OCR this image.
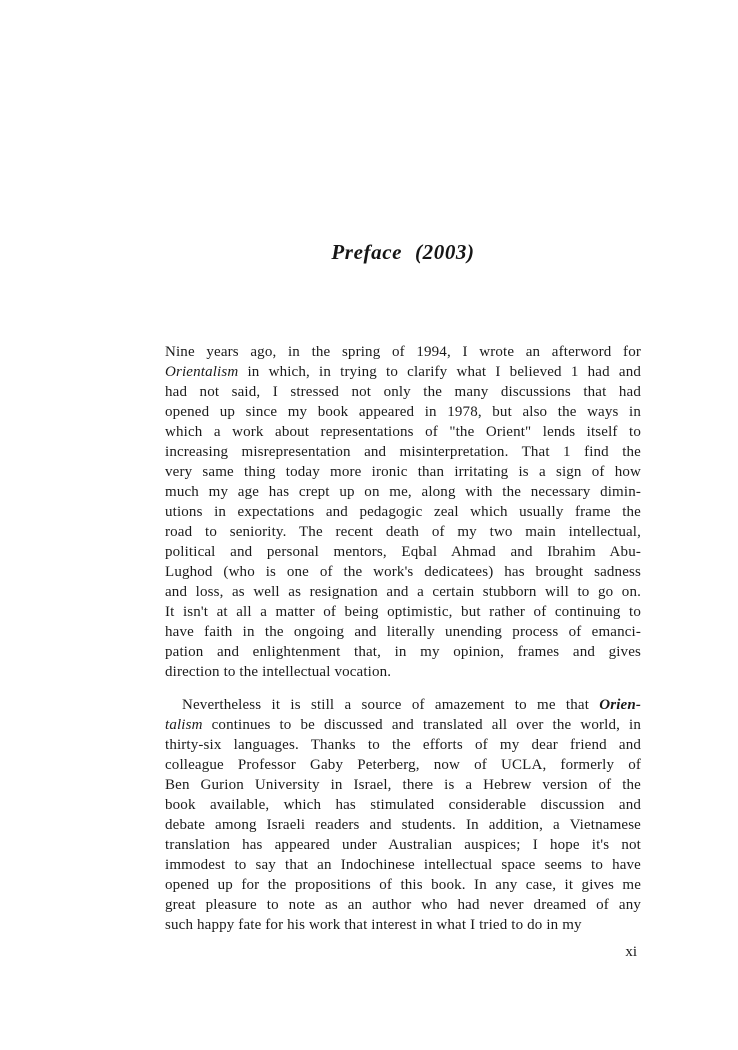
Preface (2003)
Nine years ago, in the spring of 1994, I wrote an afterword for
Orientalism in which, in trying to clarify what I believed 1 had and
had not said, I stressed not only the many discussions that had
opened up since my book appeared in 1978, but also the ways in
which a work about representations of "the Orient" lends itself to
increasing misrepresentation and misinterpretation. That 1 find the
very same thing today more ironic than irritating is a sign of how
much my age has crept up on me, along with the necessary dimin-
utions in expectations and pedagogic zeal which usually frame the
road to seniority. The recent death of my two main intellectual,
political and personal mentors, Eqbal Ahmad and Ibrahim Abu-
Lughod (who is one of the work's dedicatees) has brought sadness
and loss, as well as resignation and a certain stubborn will to go on.
It isn't at all a matter of being optimistic, but rather of continuing to
have faith in the ongoing and literally unending process of emanci-
pation and enlightenment that, in my opinion, frames and gives
direction to the intellectual vocation.
Nevertheless it is still a source of amazement to me that Orien-
talism continues to be discussed and translated all over the world, in
thirty-six languages. Thanks to the efforts of my dear friend and
colleague Professor Gaby Peterberg, now of UCLA, formerly of
Ben Gurion University in Israel, there is a Hebrew version of the
book available, which has stimulated considerable discussion and
debate among Israeli readers and students. In addition, a Vietnamese
translation has appeared under Australian auspices; I hope it's not
immodest to say that an Indochinese intellectual space seems to have
opened up for the propositions of this book. In any case, it gives me
great pleasure to note as an author who had never dreamed of any
such happy fate for his work that interest in what I tried to do in my
xi
